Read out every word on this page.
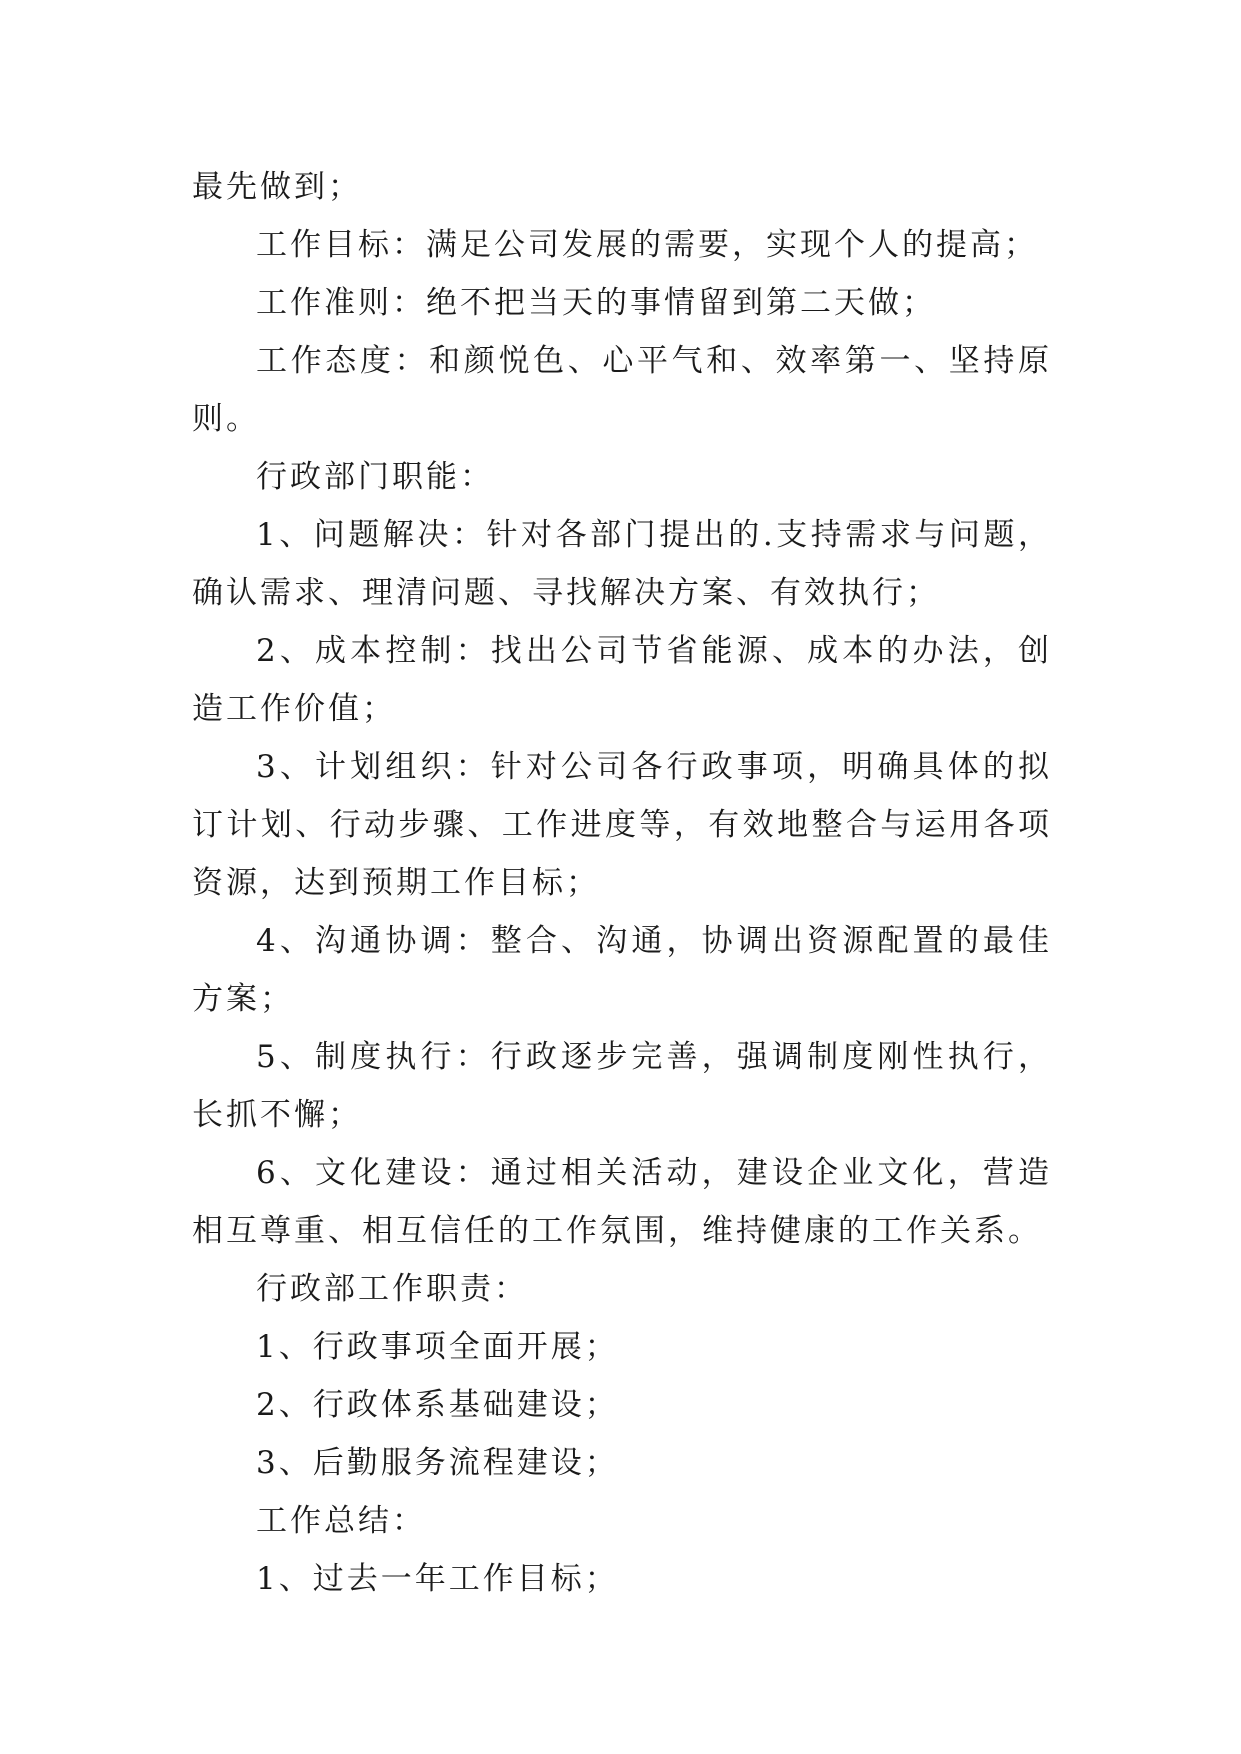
最先做到；

工作目标：满足公司发展的需要，实现个人的提高；

工作准则：绝不把当天的事情留到第二天做；

工作态度：和颜悦色、心平气和、效率第一、坚持原则。

行政部门职能：

1、问题解决：针对各部门提出的.支持需求与问题，确认需求、理清问题、寻找解决方案、有效执行；

2、成本控制：找出公司节省能源、成本的办法，创造工作价值；

3、计划组织：针对公司各行政事项，明确具体的拟订计划、行动步骤、工作进度等，有效地整合与运用各项资源，达到预期工作目标；

4、沟通协调：整合、沟通，协调出资源配置的最佳方案；

5、制度执行：行政逐步完善，强调制度刚性执行，长抓不懈；

6、文化建设：通过相关活动，建设企业文化，营造相互尊重、相互信任的工作氛围，维持健康的工作关系。

行政部工作职责：

1、行政事项全面开展；

2、行政体系基础建设；

3、后勤服务流程建设；

工作总结：

1、过去一年工作目标；
